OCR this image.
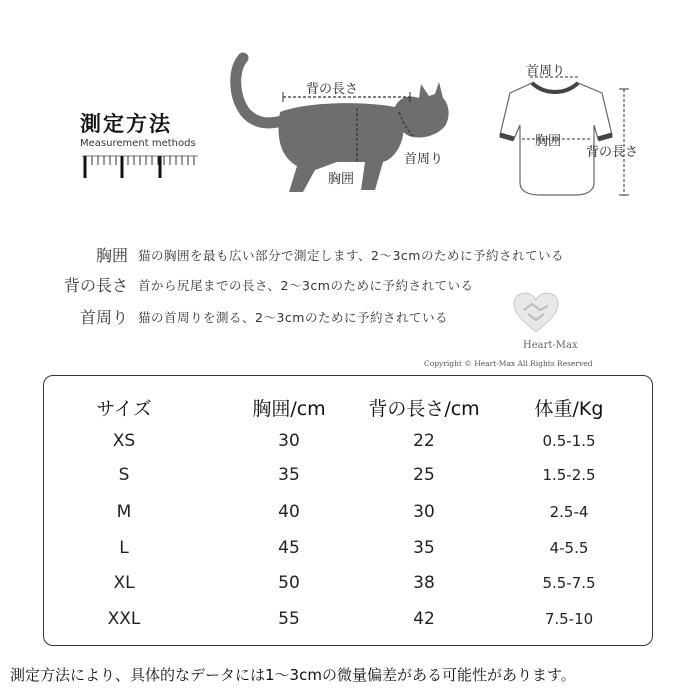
測定方法
Measurement methods
背の長さ
胸囲
首周り
首周り
胸囲
背の長さ
胸囲 猫の胸囲を最も広い部分で測定します、2〜3cmのために予約されている
背の長さ 首から尻尾までの長さ、2〜3cmのために予約されている
首周り 猫の首周りを測る、2〜3cmのために予約されている
Heart-Max
Copyright © Heart-Max All Rights Reserved
サイズ	胸囲/cm	背の長さ/cm	体重/Kg
XS	30	22	0.5-1.5
S	35	25	1.5-2.5
M	40	30	2.5-4
L	45	35	4-5.5
XL	50	38	5.5-7.5
XXL	55	42	7.5-10
測定方法により、具体的なデータには1〜3cmの微量偏差がある可能性があります。
